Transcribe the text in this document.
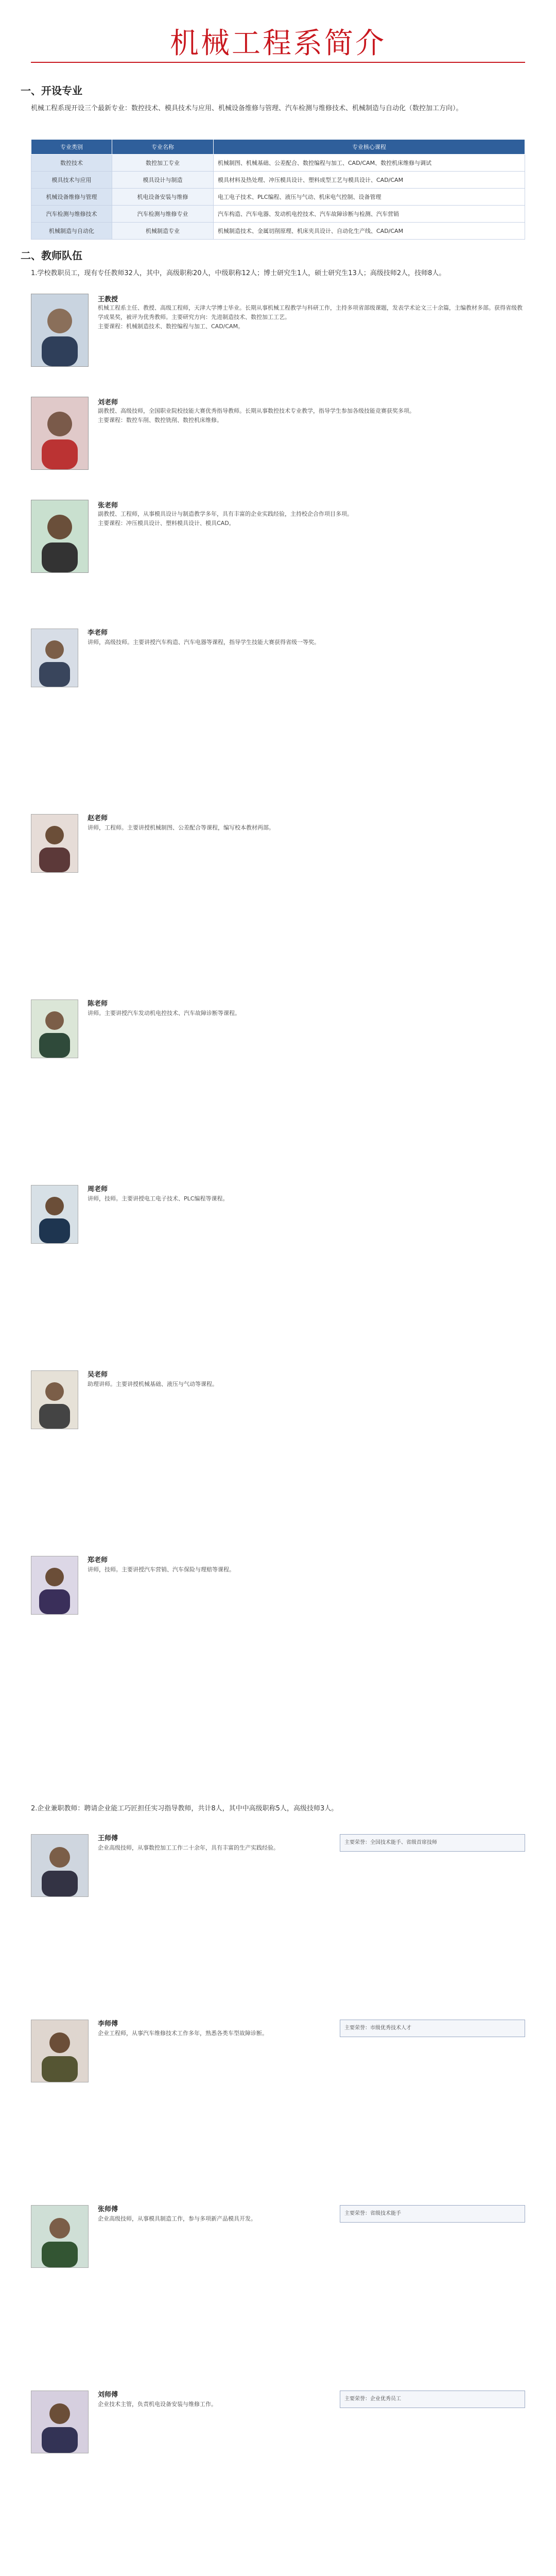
机械工程系简介
一、开设专业
机械工程系现开设三个最新专业：数控技术、模具技术与应用、机械设备维修与管理、汽车检测与维修技术、机械制造与自动化（数控加工方向）。
专业类别	专业名称	专业核心课程
数控技术	数控加工专业	机械制图、机械基础、公差配合、数控编程与加工、CAD/CAM、数控机床维修与调试
模具技术与应用	模具设计与制造	模具材料及热处理、冲压模具设计、塑料成型工艺与模具设计、CAD/CAM
机械设备维修与管理	机电设备安装与维修	电工电子技术、PLC编程、液压与气动、机床电气控制、设备管理
汽车检测与维修技术	汽车检测与维修专业	汽车构造、汽车电器、发动机电控技术、汽车故障诊断与检测、汽车营销
机械制造与自动化	机械制造专业	机械制造技术、金属切削原理、机床夹具设计、自动化生产线、CAD/CAM
二、教师队伍
1.学校教职员工，现有专任教师32人，其中，高级职称20人，中级职称12人；博士研究生1人，硕士研究生13人；高级技师2人，技师8人。
王教授
机械工程系主任、教授、高级工程师，天津大学博士毕业。长期从事机械工程教学与科研工作，主持多项省部级课题，发表学术论文三十余篇，主编教材多部。获得省级教学成果奖，被评为优秀教师。主要研究方向：先进制造技术、数控加工工艺。
主要课程：机械制造技术、数控编程与加工、CAD/CAM。
刘老师
副教授、高级技师，全国职业院校技能大赛优秀指导教师。长期从事数控技术专业教学，指导学生参加各级技能竞赛获奖多项。
主要课程：数控车削、数控铣削、数控机床维修。
张老师
副教授、工程师，从事模具设计与制造教学多年，具有丰富的企业实践经验，主持校企合作项目多项。
主要课程：冲压模具设计、塑料模具设计、模具CAD。
李老师
讲师，高级技师。主要讲授汽车构造、汽车电器等课程，指导学生技能大赛获得省级一等奖。
赵老师
讲师，工程师。主要讲授机械制图、公差配合等课程，编写校本教材两部。
陈老师
讲师。主要讲授汽车发动机电控技术、汽车故障诊断等课程。
周老师
讲师，技师。主要讲授电工电子技术、PLC编程等课程。
吴老师
助理讲师。主要讲授机械基础、液压与气动等课程。
郑老师
讲师，技师。主要讲授汽车营销、汽车保险与理赔等课程。
2.企业兼职教师：聘请企业能工巧匠担任实习指导教师，共计8人，其中中高级职称5人，高级技师3人。
王师傅
企业高级技师，从事数控加工工作二十余年，具有丰富的生产实践经验。
主要荣誉：全国技术能手、省级首席技师
李师傅
企业工程师，从事汽车维修技术工作多年，熟悉各类车型故障诊断。
主要荣誉：市级优秀技术人才
张师傅
企业高级技师，从事模具制造工作，参与多项新产品模具开发。
主要荣誉：省级技术能手
刘师傅
企业技术主管，负责机电设备安装与维修工作。
主要荣誉：企业优秀员工
